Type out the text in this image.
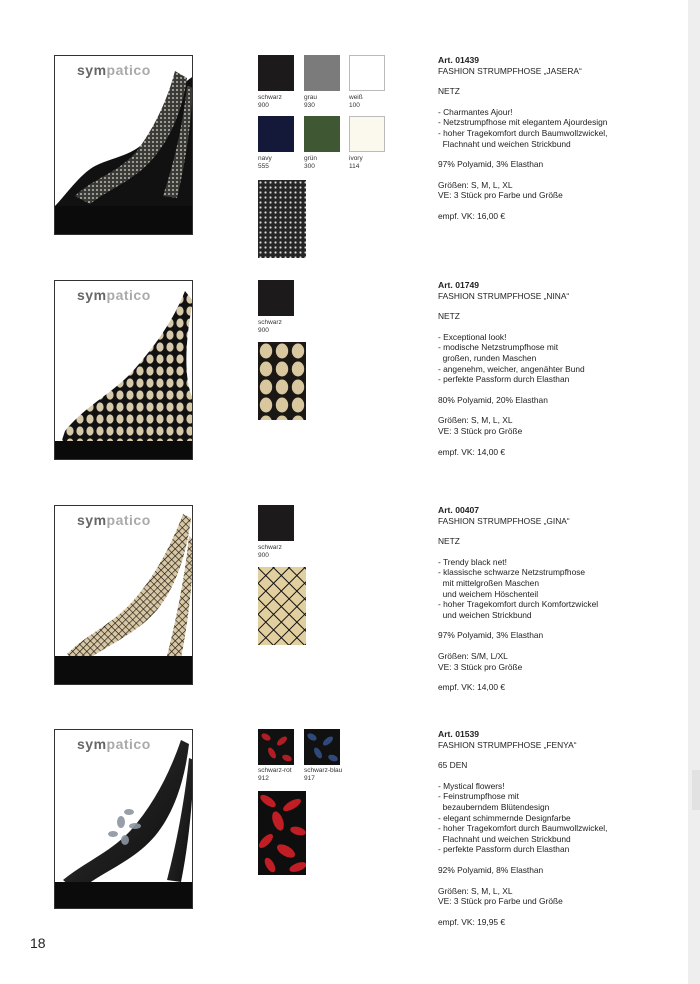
sympatico
schwarz
900
grau
930
weiß
100
navy
555
grün
300
ivory
114
Art. 01439
FASHION STRUMPFHOSE „JASERA“
NETZ
- Charmantes Ajour!
- Netzstrumpfhose mit elegantem Ajourdesign
- hoher Tragekomfort durch Baumwollzwickel,
Flachnaht und weichen Strickbund
97% Polyamid, 3% Elasthan
Größen: S, M, L, XL
VE: 3 Stück pro Farbe und Größe
empf. VK: 16,00 €
sympatico
schwarz
900
Art. 01749
FASHION STRUMPFHOSE „NINA“
NETZ
- Exceptional look!
- modische Netzstrumpfhose mit
großen, runden Maschen
- angenehm, weicher, angenähter Bund
- perfekte Passform durch Elasthan
80% Polyamid, 20% Elasthan
Größen: S, M, L, XL
VE: 3 Stück pro Größe
empf. VK: 14,00 €
sympatico
schwarz
900
Art. 00407
FASHION STRUMPFHOSE „GINA“
NETZ
- Trendy black net!
- klassische schwarze Netzstrumpfhose
mit mittelgroßen Maschen
und weichem Höschenteil
- hoher Tragekomfort durch Komfortzwickel
und weichen Strickbund
97% Polyamid, 3% Elasthan
Größen: S/M, L/XL
VE: 3 Stück pro Größe
empf. VK: 14,00 €
sympatico
schwarz-rot
912
schwarz-blau
917
Art. 01539
FASHION STRUMPFHOSE „FENYA“
65 DEN
- Mystical flowers!
- Feinstrumpfhose mit
bezauberndem Blütendesign
- elegant schimmernde Designfarbe
- hoher Tragekomfort durch Baumwollzwickel,
Flachnaht und weichen Strickbund
- perfekte Passform durch Elasthan
92% Polyamid, 8% Elasthan
Größen: S, M, L, XL
VE: 3 Stück pro Farbe und Größe
empf. VK: 19,95 €
18
